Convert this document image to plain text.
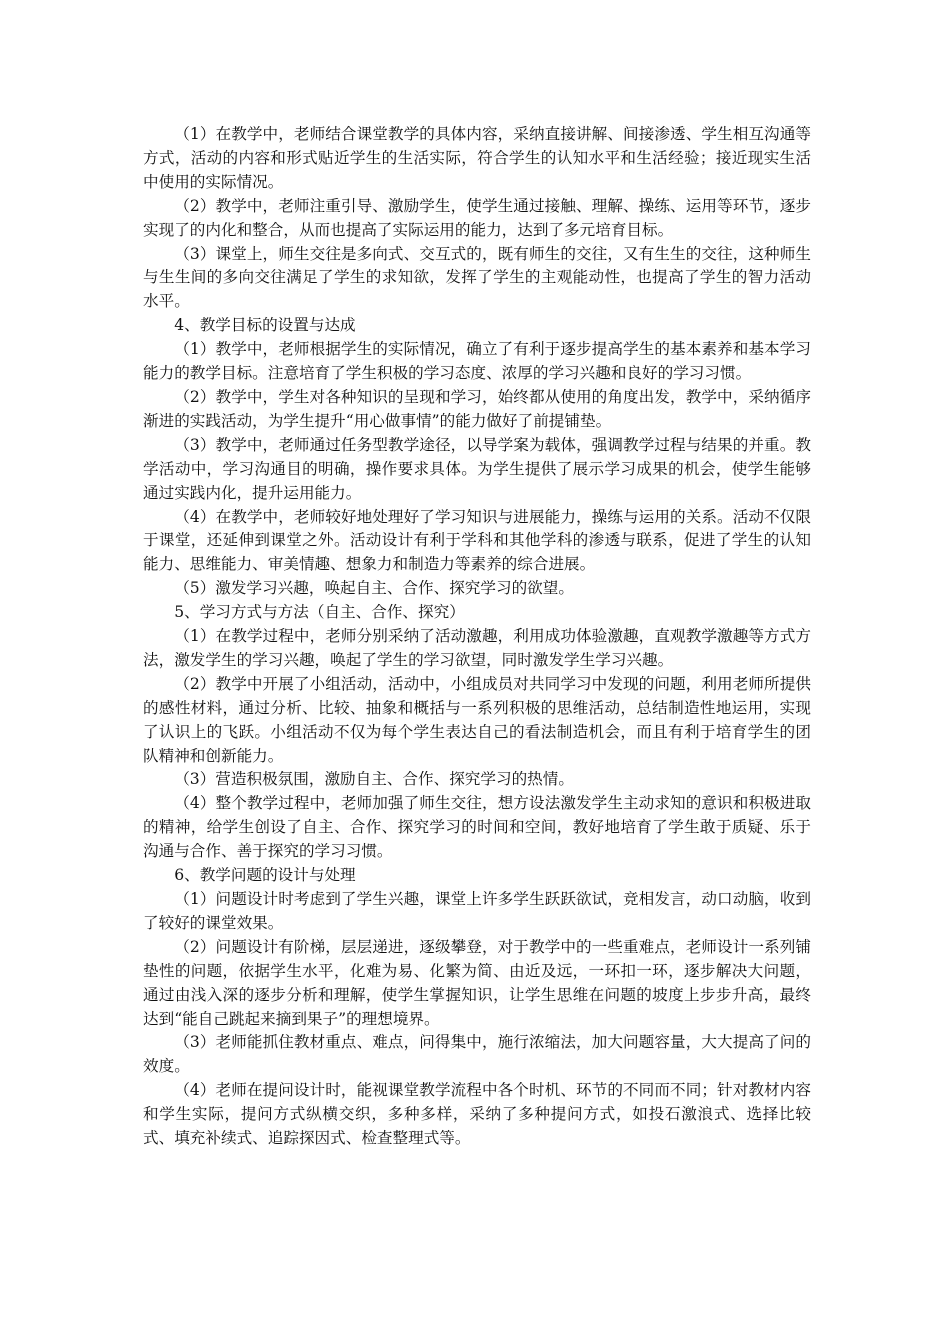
（1）在教学中，老师结合课堂教学的具体内容，采纳直接讲解、间接渗透、学生相互沟通等方式，活动的内容和形式贴近学生的生活实际，符合学生的认知水平和生活经验；接近现实生活中使用的实际情况。

（2）教学中，老师注重引导、激励学生，使学生通过接触、理解、操练、运用等环节，逐步实现了的内化和整合，从而也提高了实际运用的能力，达到了多元培育目标。

（3）课堂上，师生交往是多向式、交互式的，既有师生的交往，又有生生的交往，这种师生与生生间的多向交往满足了学生的求知欲，发挥了学生的主观能动性，也提高了学生的智力活动水平。

4、教学目标的设置与达成

（1）教学中，老师根据学生的实际情况，确立了有利于逐步提高学生的基本素养和基本学习能力的教学目标。注意培育了学生积极的学习态度、浓厚的学习兴趣和良好的学习习惯。

（2）教学中，学生对各种知识的呈现和学习，始终都从使用的角度出发，教学中，采纳循序渐进的实践活动，为学生提升“用心做事情”的能力做好了前提铺垫。

（3）教学中，老师通过任务型教学途径，以导学案为载体，强调教学过程与结果的并重。教学活动中，学习沟通目的明确，操作要求具体。为学生提供了展示学习成果的机会，使学生能够通过实践内化，提升运用能力。

（4）在教学中，老师较好地处理好了学习知识与进展能力，操练与运用的关系。活动不仅限于课堂，还延伸到课堂之外。活动设计有利于学科和其他学科的渗透与联系，促进了学生的认知能力、思维能力、审美情趣、想象力和制造力等素养的综合进展。

（5）激发学习兴趣，唤起自主、合作、探究学习的欲望。

5、学习方式与方法（自主、合作、探究）

（1）在教学过程中，老师分别采纳了活动激趣，利用成功体验激趣，直观教学激趣等方式方法，激发学生的学习兴趣，唤起了学生的学习欲望，同时激发学生学习兴趣。

（2）教学中开展了小组活动，活动中，小组成员对共同学习中发现的问题，利用老师所提供的感性材料，通过分析、比较、抽象和概括与一系列积极的思维活动，总结制造性地运用，实现了认识上的飞跃。小组活动不仅为每个学生表达自己的看法制造机会，而且有利于培育学生的团队精神和创新能力。

（3）营造积极氛围，激励自主、合作、探究学习的热情。

（4）整个教学过程中，老师加强了师生交往，想方设法激发学生主动求知的意识和积极进取的精神，给学生创设了自主、合作、探究学习的时间和空间，教好地培育了学生敢于质疑、乐于沟通与合作、善于探究的学习习惯。

6、教学问题的设计与处理

（1）问题设计时考虑到了学生兴趣，课堂上许多学生跃跃欲试，竞相发言，动口动脑，收到了较好的课堂效果。

（2）问题设计有阶梯，层层递进，逐级攀登，对于教学中的一些重难点，老师设计一系列铺垫性的问题，依据学生水平，化难为易、化繁为简、由近及远，一环扣一环，逐步解决大问题，通过由浅入深的逐步分析和理解，使学生掌握知识，让学生思维在问题的坡度上步步升高，最终达到“能自己跳起来摘到果子”的理想境界。

（3）老师能抓住教材重点、难点，问得集中，施行浓缩法，加大问题容量，大大提高了问的效度。

（4）老师在提问设计时，能视课堂教学流程中各个时机、环节的不同而不同；针对教材内容和学生实际，提问方式纵横交织，多种多样，采纳了多种提问方式，如投石激浪式、选择比较式、填充补续式、追踪探因式、检查整理式等。
